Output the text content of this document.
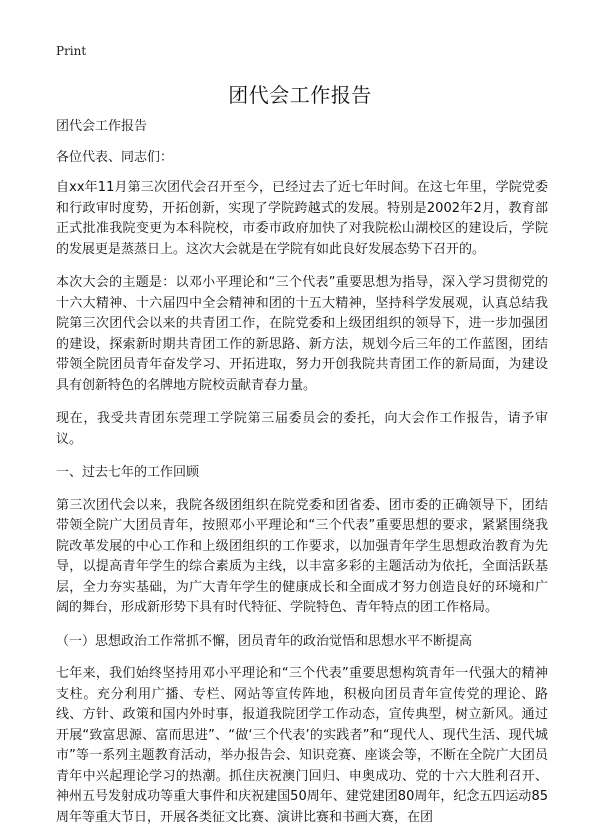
Print
团代会工作报告

团代会工作报告

各位代表、同志们：

自xx年11月第三次团代会召开至今，已经过去了近七年时间。在这七年里，学院党委和行政审时度势，开拓创新，实现了学院跨越式的发展。特别是2002年2月，教育部正式批准我院变更为本科院校，市委市政府加快了对我院松山湖校区的建设后，学院的发展更是蒸蒸日上。这次大会就是在学院有如此良好发展态势下召开的。

本次大会的主题是：以邓小平理论和“三个代表”重要思想为指导，深入学习贯彻党的十六大精神、十六届四中全会精神和团的十五大精神，坚持科学发展观，认真总结我院第三次团代会以来的共青团工作，在院党委和上级团组织的领导下，进一步加强团的建设，探索新时期共青团工作的新思路、新方法，规划今后三年的工作蓝图，团结带领全院团员青年奋发学习、开拓进取，努力开创我院共青团工作的新局面，为建设具有创新特色的名牌地方院校贡献青春力量。

现在，我受共青团东莞理工学院第三届委员会的委托，向大会作工作报告，请予审议。

一、过去七年的工作回顾

第三次团代会以来，我院各级团组织在院党委和团省委、团市委的正确领导下，团结带领全院广大团员青年，按照邓小平理论和“三个代表”重要思想的要求，紧紧围绕我院改革发展的中心工作和上级团组织的工作要求，以加强青年学生思想政治教育为先导，以提高青年学生的综合素质为主线，以丰富多彩的主题活动为依托，全面活跃基层，全力夯实基础，为广大青年学生的健康成长和全面成才努力创造良好的环境和广阔的舞台，形成新形势下具有时代特征、学院特色、青年特点的团工作格局。

（一）思想政治工作常抓不懈，团员青年的政治觉悟和思想水平不断提高

七年来，我们始终坚持用邓小平理论和“三个代表”重要思想构筑青年一代强大的精神支柱。充分利用广播、专栏、网站等宣传阵地，积极向团员青年宣传党的理论、路线、方针、政策和国内外时事，报道我院团学工作动态，宣传典型，树立新风。通过开展“致富思源、富而思进”、“做‘三个代表’的实践者”和“现代人、现代生活、现代城市”等一系列主题教育活动，举办报告会、知识竞赛、座谈会等，不断在全院广大团员青年中兴起理论学习的热潮。抓住庆祝澳门回归、申奥成功、党的十六大胜利召开、神州五号发射成功等重大事件和庆祝建国50周年、建党建团80周年，纪念五四运动85周年等重大节日，开展各类征文比赛、演讲比赛和书画大赛，在团
